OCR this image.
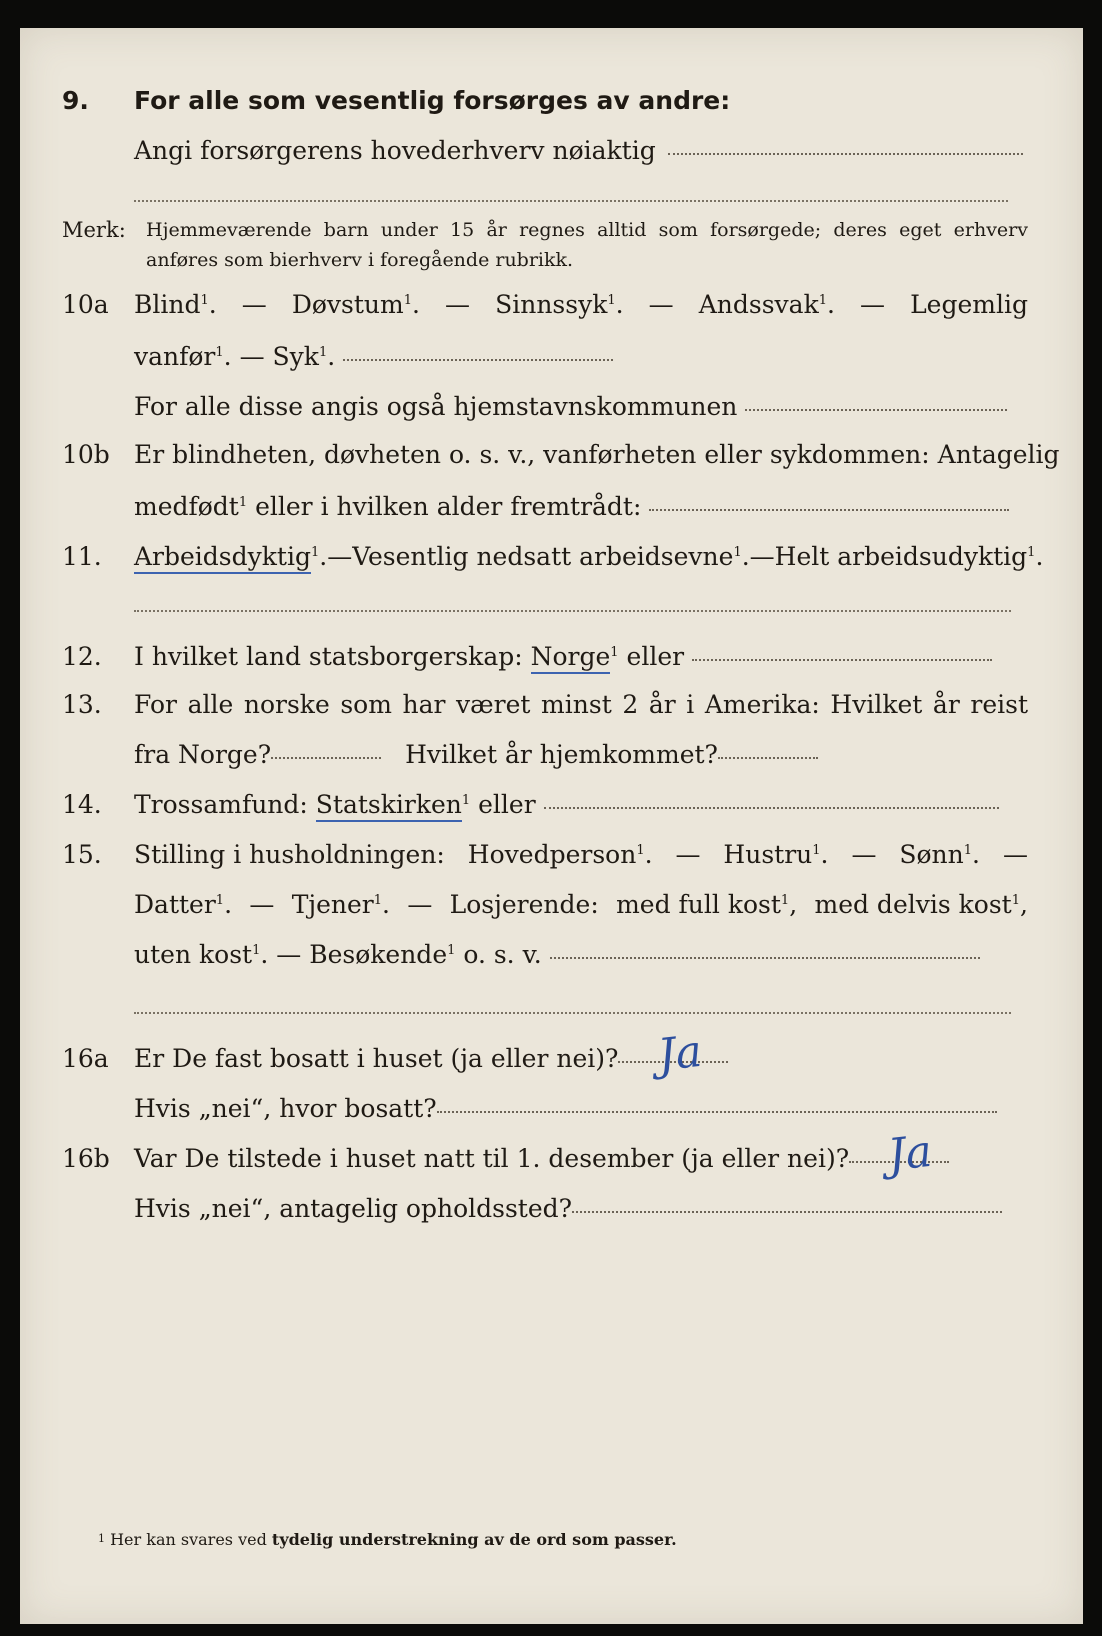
9. For alle som vesentlig forsørges av andre:
Angi forsørgerens hovederhverv nøiaktig
Merk: Hjemmeværende barn under 15 år regnes alltid som forsørgede; deres eget erhverv
anføres som bierhverv i foregående rubrikk.
10a Blind$^1$. — Døvstum$^1$. — Sinnssyk$^1$. — Andssvak$^1$. — Legemlig
vanfør$^1$. — Syk$^1$.
For alle disse angis også hjemstavnskommunen
10b Er blindheten, døvheten o. s. v., vanførheten eller sykdommen: Antagelig
medfødt$^1$ eller i hvilken alder fremtrådt:
11. Arbeidsdyktig$^1$. — Vesentlig nedsatt arbeidsevne$^1$. — Helt arbeidsudyktig$^1$.
12. I hvilket land statsborgerskap: Norge$^1$ eller
13. For alle norske som har været minst 2 år i Amerika: Hvilket år reist
fra Norge?	Hvilket år hjemkommet?
14. Trossamfund: Statskirken$^1$ eller
15. Stilling i husholdningen: Hovedperson$^1$. — Hustru$^1$. — Sønn$^1$. —
Datter$^1$. — Tjener$^1$. — Losjerende: med full kost$^1$, med delvis kost$^1$,
uten kost$^1$. — Besøkende$^1$ o. s. v.
16a Er De fast bosatt i huset (ja eller nei)? Ja
Hvis „nei“, hvor bosatt?
16b Var De tilstede i huset natt til 1. desember (ja eller nei)? Ja
Hvis „nei“, antagelig opholdssted?
1 Her kan svares ved tydelig understrekning av de ord som passer.
